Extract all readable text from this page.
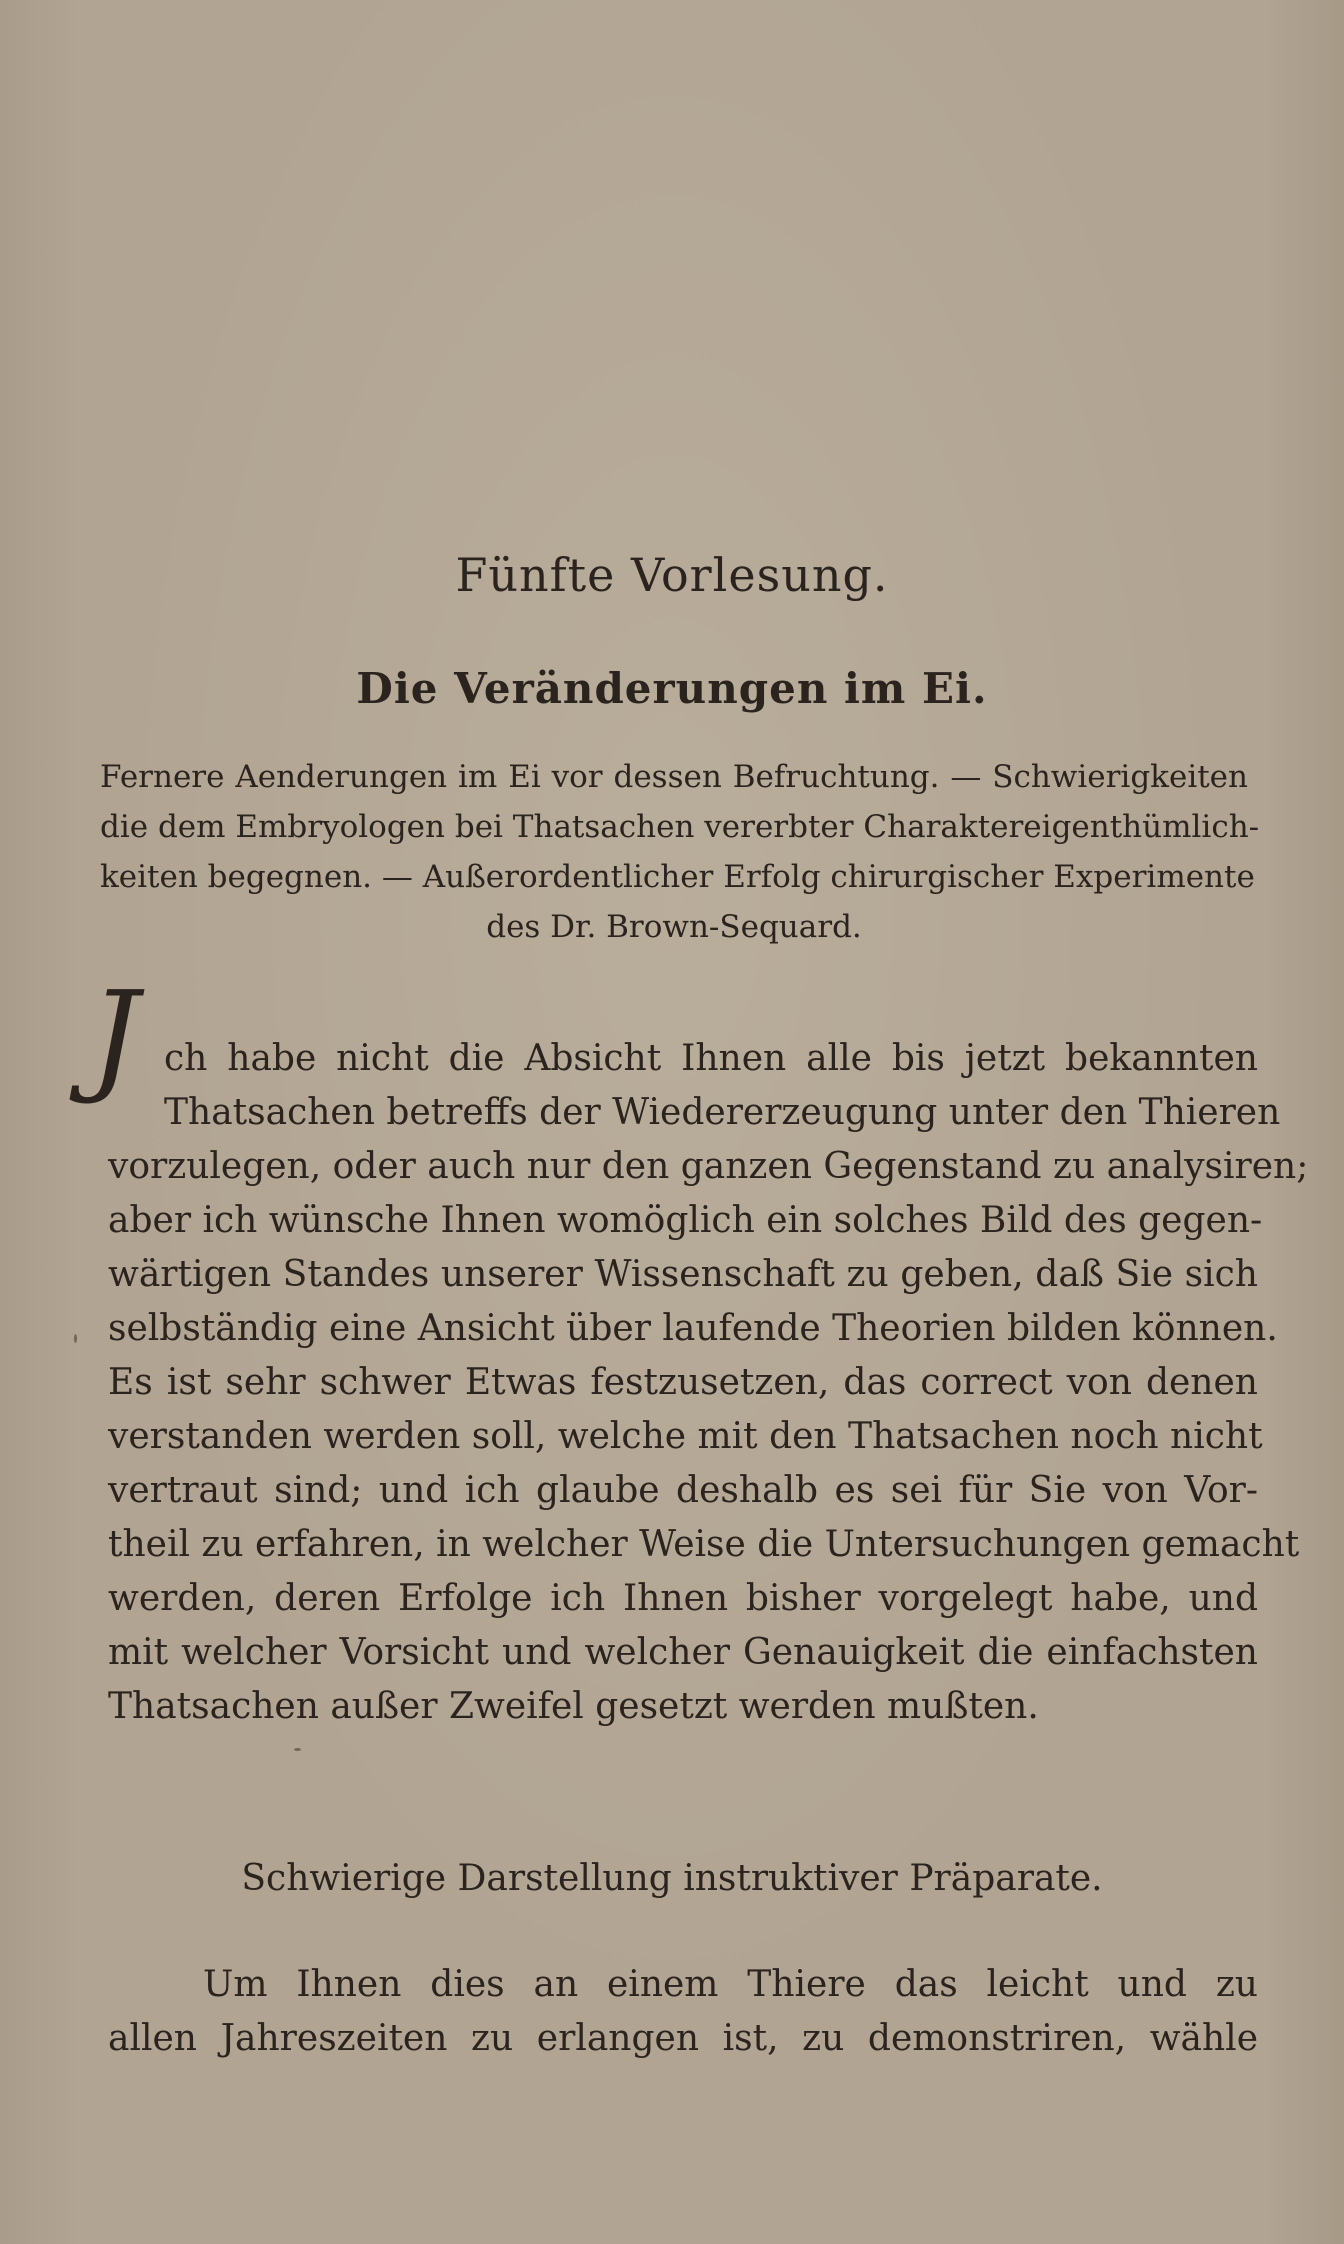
Fünfte Vorlesung.
Die Veränderungen im Ei.
Fernere Aenderungen im Ei vor dessen Befruchtung. — Schwierigkeiten
die dem Embryologen bei Thatsachen vererbter Charaktereigenthümlich-
keiten begegnen. — Außerordentlicher Erfolg chirurgischer Experimente
des Dr. Brown-Sequard.
J ch habe nicht die Absicht Ihnen alle bis jetzt bekannten
Thatsachen betreffs der Wiedererzeugung unter den Thieren
vorzulegen, oder auch nur den ganzen Gegenstand zu analysiren;
aber ich wünsche Ihnen womöglich ein solches Bild des gegen-
wärtigen Standes unserer Wissenschaft zu geben, daß Sie sich
selbständig eine Ansicht über laufende Theorien bilden können.
Es ist sehr schwer Etwas festzusetzen, das correct von denen
verstanden werden soll, welche mit den Thatsachen noch nicht
vertraut sind; und ich glaube deshalb es sei für Sie von Vor-
theil zu erfahren, in welcher Weise die Untersuchungen gemacht
werden, deren Erfolge ich Ihnen bisher vorgelegt habe, und
mit welcher Vorsicht und welcher Genauigkeit die einfachsten
Thatsachen außer Zweifel gesetzt werden mußten.
Schwierige Darstellung instruktiver Präparate.
Um Ihnen dies an einem Thiere das leicht und zu
allen Jahreszeiten zu erlangen ist, zu demonstriren, wähle
